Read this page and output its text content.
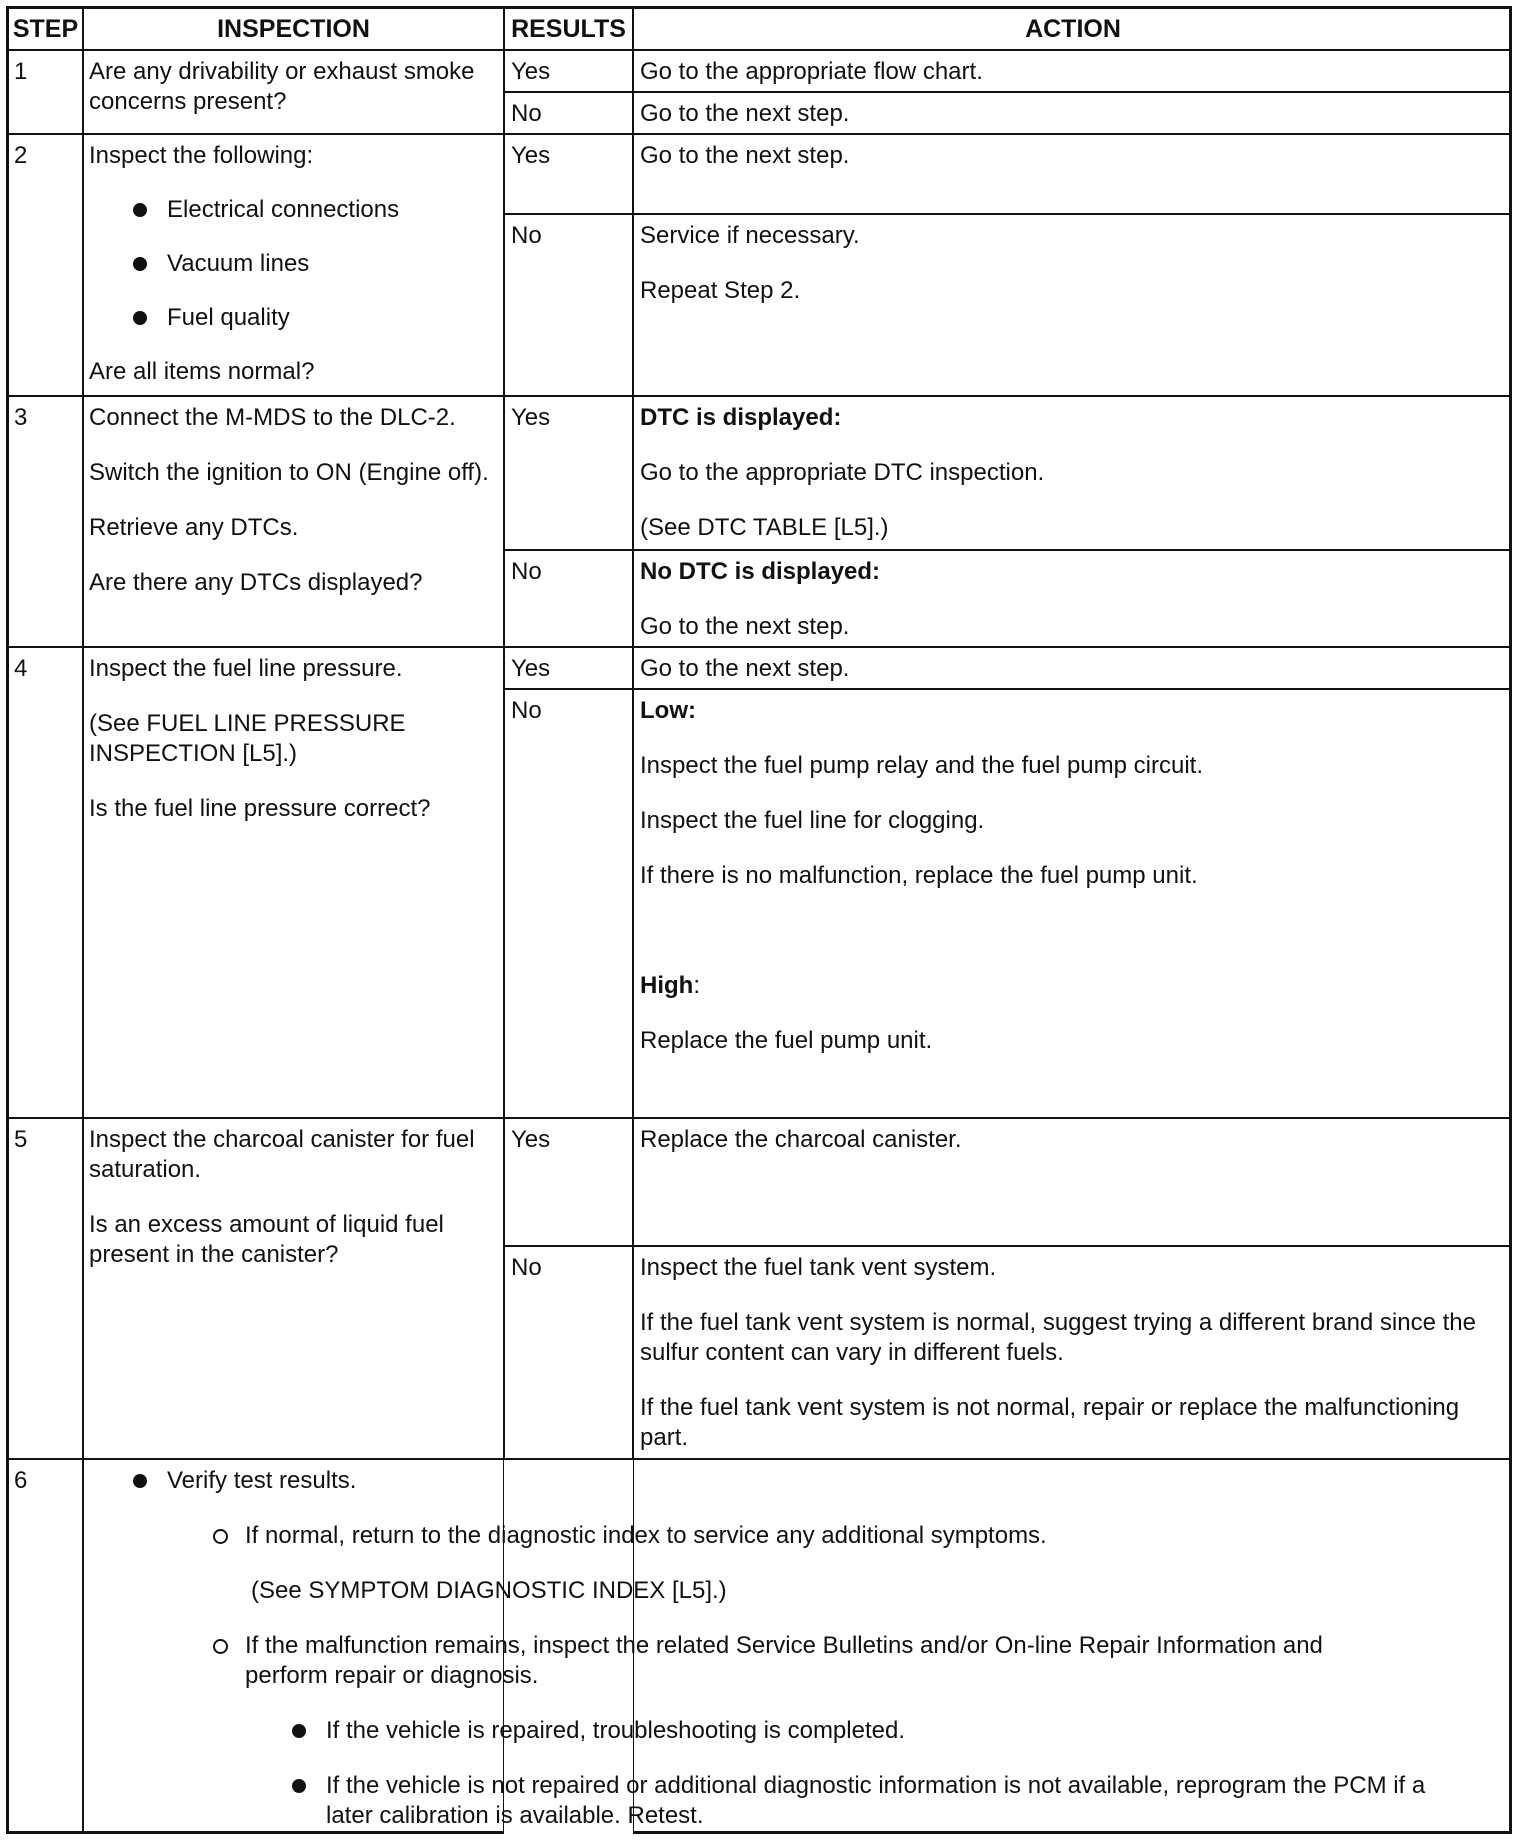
STEP	INSPECTION	RESULTS	ACTION
1	Are any drivability or exhaust smoke concerns present?
Yes	Go to the appropriate flow chart.
No	Go to the next step.
2	Inspect the following:

Electrical connections
Vacuum lines
Fuel quality

Are all items normal?

Yes	Go to the next step.
No	Service if necessary.

Repeat Step 2.

3	Connect the M-MDS to the DLC-2.

Switch the ignition to ON (Engine off).

Retrieve any DTCs.

Are there any DTCs displayed?

Yes	DTC is displayed:

Go to the appropriate DTC inspection.

(See DTC TABLE [L5].)

No	No DTC is displayed:

Go to the next step.

4	Inspect the fuel line pressure.

(See FUEL LINE PRESSURE INSPECTION [L5].)

Is the fuel line pressure correct?

Yes	Go to the next step.
No	Low:

Inspect the fuel pump relay and the fuel pump circuit.

Inspect the fuel line for clogging.

If there is no malfunction, replace the fuel pump unit.

High:

Replace the fuel pump unit.

5	Inspect the charcoal canister for fuel saturation.

Is an excess amount of liquid fuel present in the canister?

Yes	Replace the charcoal canister.
No	Inspect the fuel tank vent system.

If the fuel tank vent system is normal, suggest trying a different brand since the sulfur content can vary in different fuels.

If the fuel tank vent system is not normal, repair or replace the malfunctioning part.

6	Verify test results.
If normal, return to the diagnostic index to service any additional symptoms.

(See SYMPTOM DIAGNOSTIC INDEX [L5].)

If the malfunction remains, inspect the related Service Bulletins and/or On-line Repair Information and perform repair or diagnosis.
If the vehicle is repaired, troubleshooting is completed.
If the vehicle is not repaired or additional diagnostic information is not available, reprogram the PCM if a later calibration is available. Retest.
